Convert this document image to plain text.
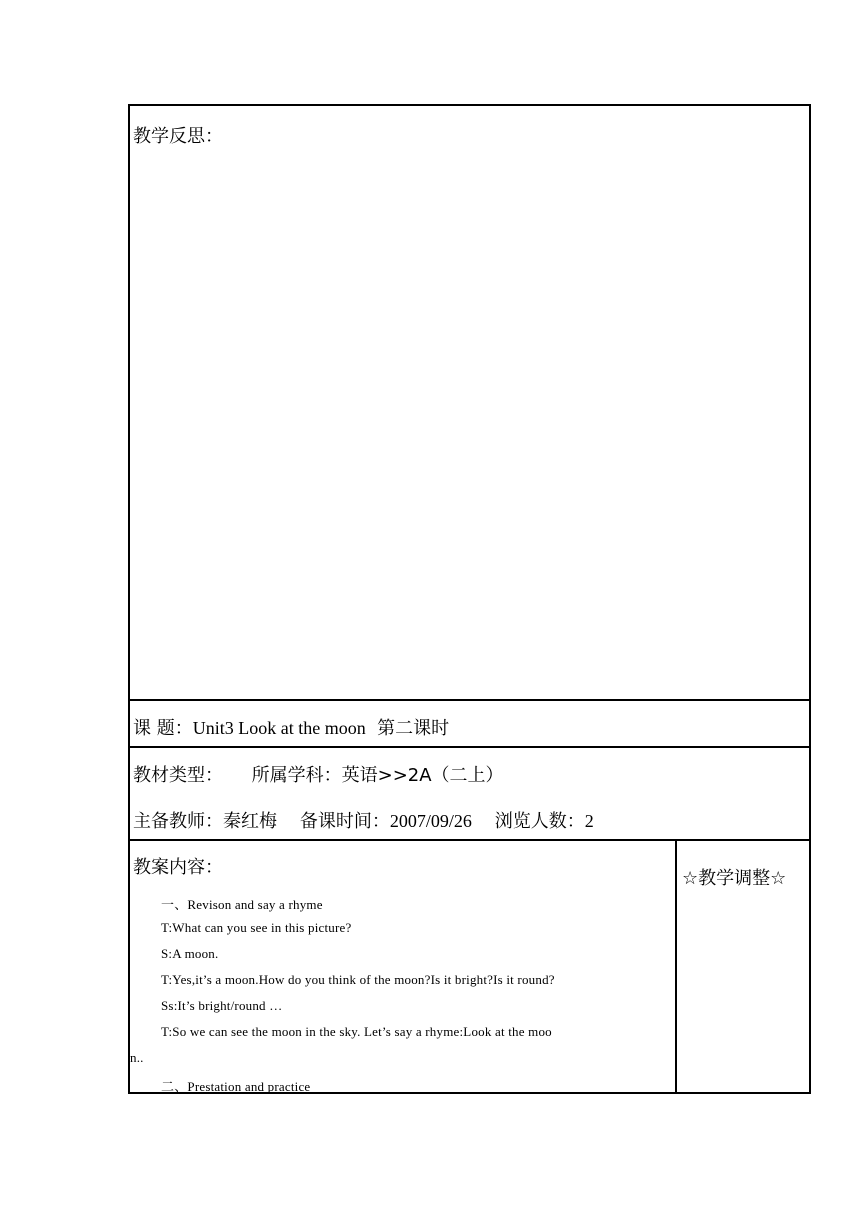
教学反思：
课 题：Unit3 Look at the moon 第二课时
教材类型： 所属学科：英语>>2A（二上）
主备教师：秦红梅 备课时间：2007/09/26 浏览人数：2
教案内容：
☆教学调整☆
一、Revison and say a rhyme
T:What can you see in this picture?
S:A moon.
T:Yes,it’s a moon.How do you think of the moon?Is it bright?Is it round?
Ss:It’s bright/round …
T:So we can see the moon in the sky. Let’s say a rhyme:Look at the moo
n..
二、Prestation and practice
